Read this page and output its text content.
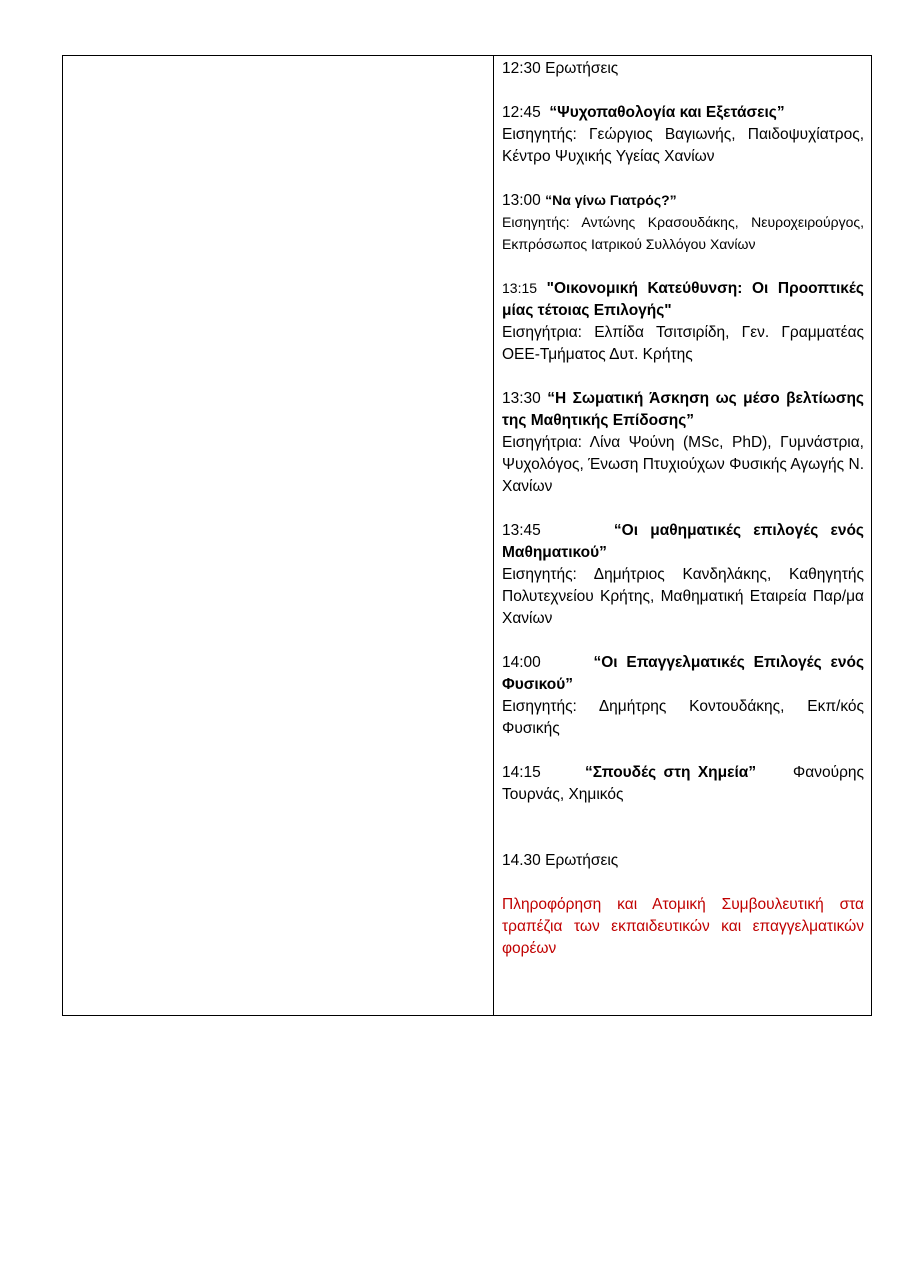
12:30 Ερωτήσεις
12:45 “Ψυχοπαθολογία και Εξετάσεις”
Εισηγητής: Γεώργιος Βαγιωνής, Παιδοψυχίατρος, Κέντρο Ψυχικής Υγείας Χανίων
13:00 “Να γίνω Γιατρός?”
Εισηγητής: Αντώνης Κρασουδάκης, Νευροχειρούργος, Εκπρόσωπος Ιατρικού Συλλόγου Χανίων
13:15 "Οικονομική Κατεύθυνση: Οι Προοπτικές μίας τέτοιας Επιλογής"
Εισηγήτρια: Ελπίδα Τσιτσιρίδη, Γεν. Γραμματέας ΟΕΕ-Τμήματος Δυτ. Κρήτης
13:30 “Η Σωματική Άσκηση ως μέσο βελτίωσης της Μαθητικής Επίδοσης”
Εισηγήτρια: Λίνα Ψούνη (MSc, PhD), Γυμνάστρια, Ψυχολόγος, Ένωση Πτυχιούχων Φυσικής Αγωγής Ν. Χανίων
13:45	“Οι μαθηματικές επιλογές ενός Μαθηματικού”
Εισηγητής: Δημήτριος Κανδηλάκης, Καθηγητής Πολυτεχνείου Κρήτης, Μαθηματική Εταιρεία Παρ/μα Χανίων
14:00	“Οι Επαγγελματικές Επιλογές ενός Φυσικού”
Εισηγητής: Δημήτρης Κοντουδάκης, Εκπ/κός Φυσικής
14:15	“Σπουδές στη Χημεία” Φανούρης Τουρνάς, Χημικός
14.30 Ερωτήσεις
Πληροφόρηση και Ατομική Συμβουλευτική στα τραπέζια των εκπαιδευτικών και επαγγελματικών φορέων
